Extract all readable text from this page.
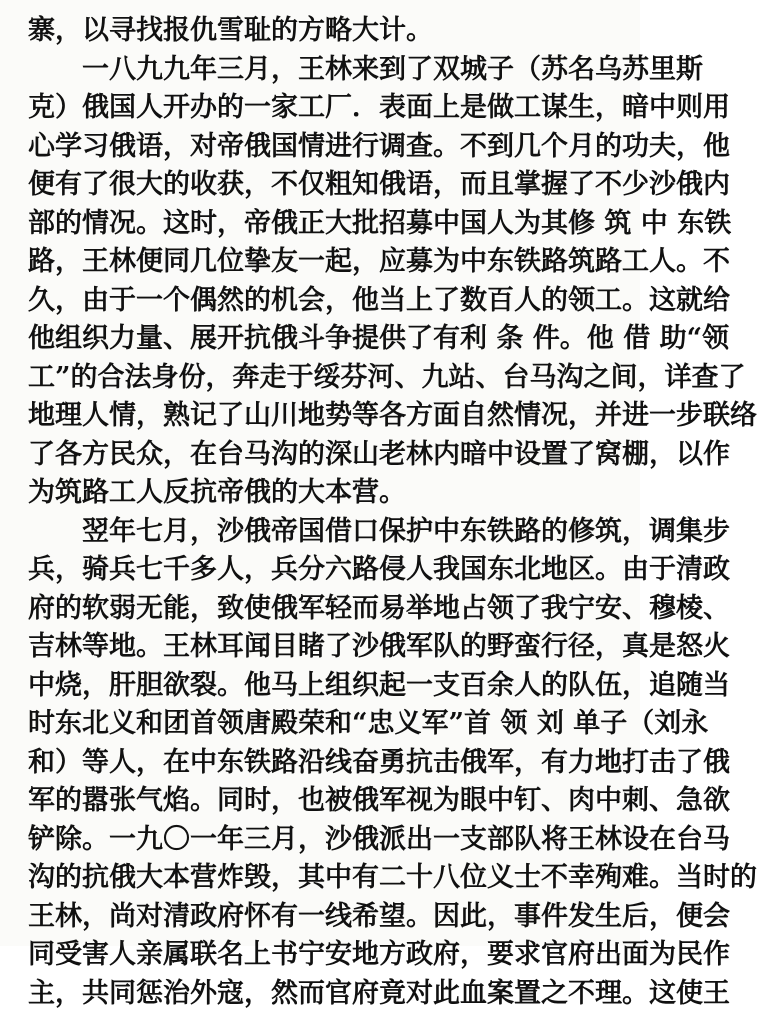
寨，以寻找报仇雪耻的方略大计。

一八九九年三月，王林来到了双城子（苏名乌苏里斯
克）俄国人开办的一家工厂．表面上是做工谋生，暗中则用
心学习俄语，对帝俄国情进行调查。不到几个月的功夫，他
便有了很大的收获，不仅粗知俄语，而且掌握了不少沙俄内
部的情况。这时，帝俄正大批招募中国人为其修 筑 中 东铁
路，王林便同几位挚友一起，应募为中东铁路筑路工人。不
久，由于一个偶然的机会，他当上了数百人的领工。这就给
他组织力量、展开抗俄斗争提供了有利 条 件。他 借 助“领
工”的合法身份，奔走于绥芬河、九站、台马沟之间，详查了
地理人情，熟记了山川地势等各方面自然情况，并进一步联络
了各方民众，在台马沟的深山老林内暗中设置了窝棚，以作
为筑路工人反抗帝俄的大本营。

翌年七月，沙俄帝国借口保护中东铁路的修筑，调集步
兵，骑兵七千多人，兵分六路侵人我国东北地区。由于清政
府的软弱无能，致使俄军轻而易举地占领了我宁安、穆棱、
吉林等地。王林耳闻目睹了沙俄军队的野蛮行径，真是怒火
中烧，肝胆欲裂。他马上组织起一支百余人的队伍，追随当
时东北义和团首领唐殿荣和“忠义军”首 领 刘 单子（刘永
和）等人，在中东铁路沿线奋勇抗击俄军，有力地打击了俄
军的嚣张气焰。同时，也被俄军视为眼中钉、肉中刺、急欲
铲除。一九〇一年三月，沙俄派出一支部队将王林设在台马
沟的抗俄大本营炸毁，其中有二十八位义士不幸殉难。当时的
王林，尚对清政府怀有一线希望。因此，事件发生后，便会
同受害人亲属联名上书宁安地方政府，要求官府出面为民作
主，共同惩治外寇，然而官府竟对此血案置之不理。这使王
